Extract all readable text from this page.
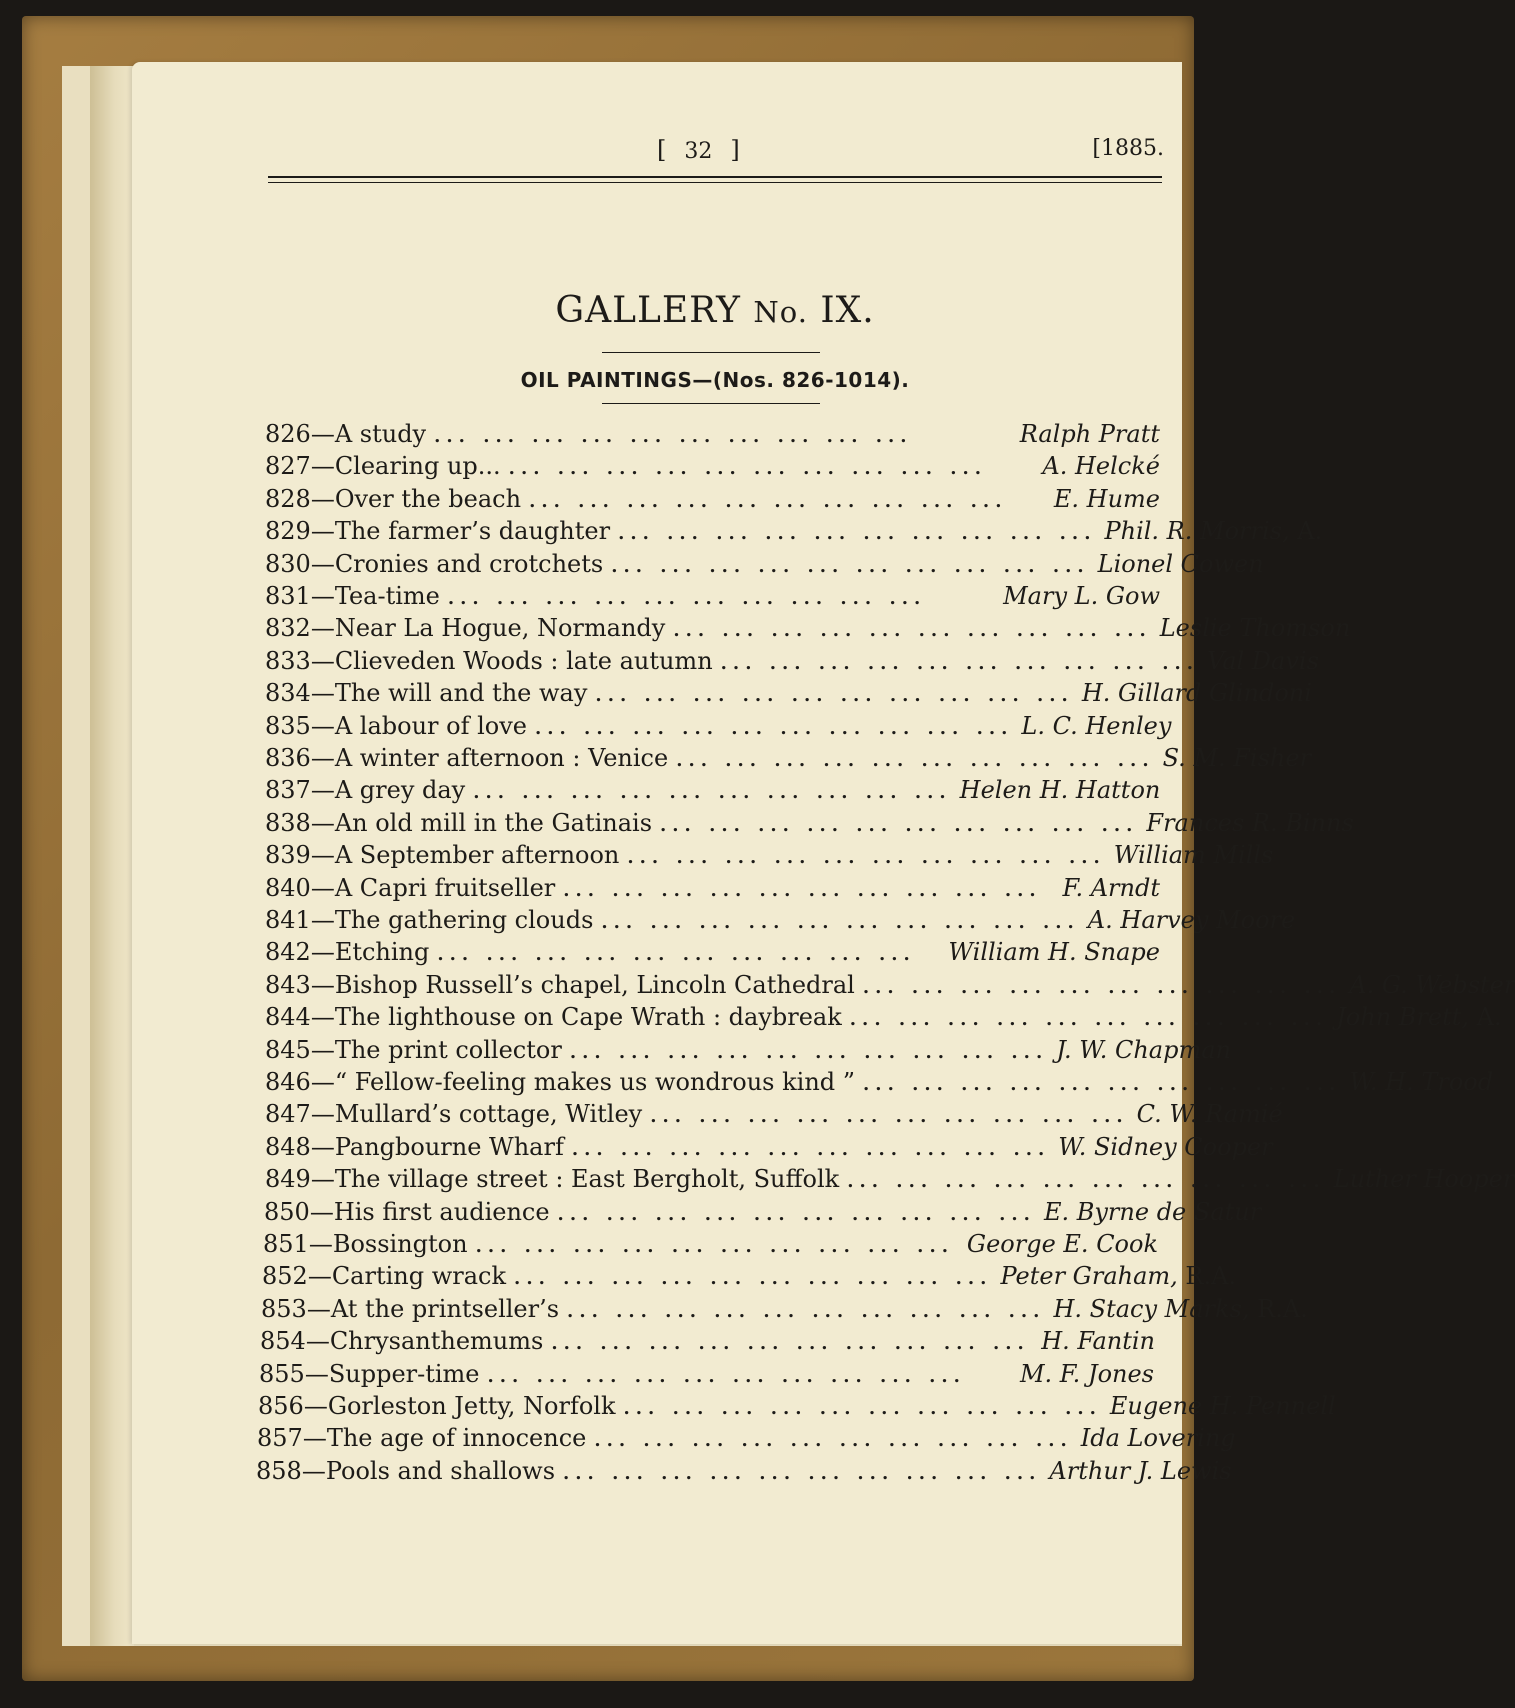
[ 32 ]	[1885.
GALLERY No. IX.
OIL PAINTINGS—(Nos. 826-1014).
826—A study ... ... ... ... ... ... ... ... ... ...	Ralph Pratt
827—Clearing up... ... ... ... ... ... ... ... ... ... ...	A. Helcké
828—Over the beach ... ... ... ... ... ... ... ... ... ...	E. Hume
829—The farmer’s daughter ... ... ... ... ... ... ... ... ... ... Phil. R. Morris, A.
830—Cronies and crotchets ... ... ... ... ... ... ... ... ... ... Lionel Cowen
831—Tea-time ... ... ... ... ... ... ... ... ... ...	Mary L. Gow
832—Near La Hogue, Normandy ... ... ... ... ... ... ... ... ... ... Leslie Thomson
833—Clieveden Woods : late autumn ... ... ... ... ... ... ... ... ... ... Val Davis
834—The will and the way ... ... ... ... ... ... ... ... ... ... H. Gillard Glindoni
835—A labour of love ... ... ... ... ... ... ... ... ... ... L. C. Henley
836—A winter afternoon : Venice ... ... ... ... ... ... ... ... ... ... S. M. Fisher
837—A grey day ... ... ... ... ... ... ... ... ... ... Helen H. Hatton
838—An old mill in the Gatinais ... ... ... ... ... ... ... ... ... ... Frances R. Binns
839—A September afternoon ... ... ... ... ... ... ... ... ... ... William Mills
840—A Capri fruitseller ... ... ... ... ... ... ... ... ... ... F. Arndt
841—The gathering clouds ... ... ... ... ... ... ... ... ... ... A. Harvey Moore
842—Etching ... ... ... ... ... ... ... ... ... ...	William H. Snape
843—Bishop Russell’s chapel, Lincoln Cathedral ... ... ... ... ... ... ... ... ... ... A. G. Webster
844—The lighthouse on Cape Wrath : daybreak ... ... ... ... ... ... ... ... ... ... John Brett, A.
845—The print collector ... ... ... ... ... ... ... ... ... ... J. W. Chapman
846—“ Fellow-feeling makes us wondrous kind ” ... ... ... ... ... ... ... ... ... ... W. H. Trood
847—Mullard’s cottage, Witley ... ... ... ... ... ... ... ... ... ... C. W. Ramié
848—Pangbourne Wharf ... ... ... ... ... ... ... ... ... ... W. Sidney Cooper
849—The village street : East Bergholt, Suffolk ... ... ... ... ... ... ... ... ... ... Luther Hooper
850—His first audience ... ... ... ... ... ... ... ... ... ... E. Byrne de Satur
851—Bossington ... ... ... ... ... ... ... ... ... ... George E. Cook
852—Carting wrack ... ... ... ... ... ... ... ... ... ... Peter Graham, R.A.
853—At the printseller’s ... ... ... ... ... ... ... ... ... ... H. Stacy Marks, R.A.
854—Chrysanthemums ... ... ... ... ... ... ... ... ... ... H. Fantin
855—Supper-time ... ... ... ... ... ... ... ... ... ...	M. F. Jones
856—Gorleston Jetty, Norfolk ... ... ... ... ... ... ... ... ... ... Eugene H. Pennell
857—The age of innocence ... ... ... ... ... ... ... ... ... ... Ida Lovering
858—Pools and shallows ... ... ... ... ... ... ... ... ... ... Arthur J. Lewis
